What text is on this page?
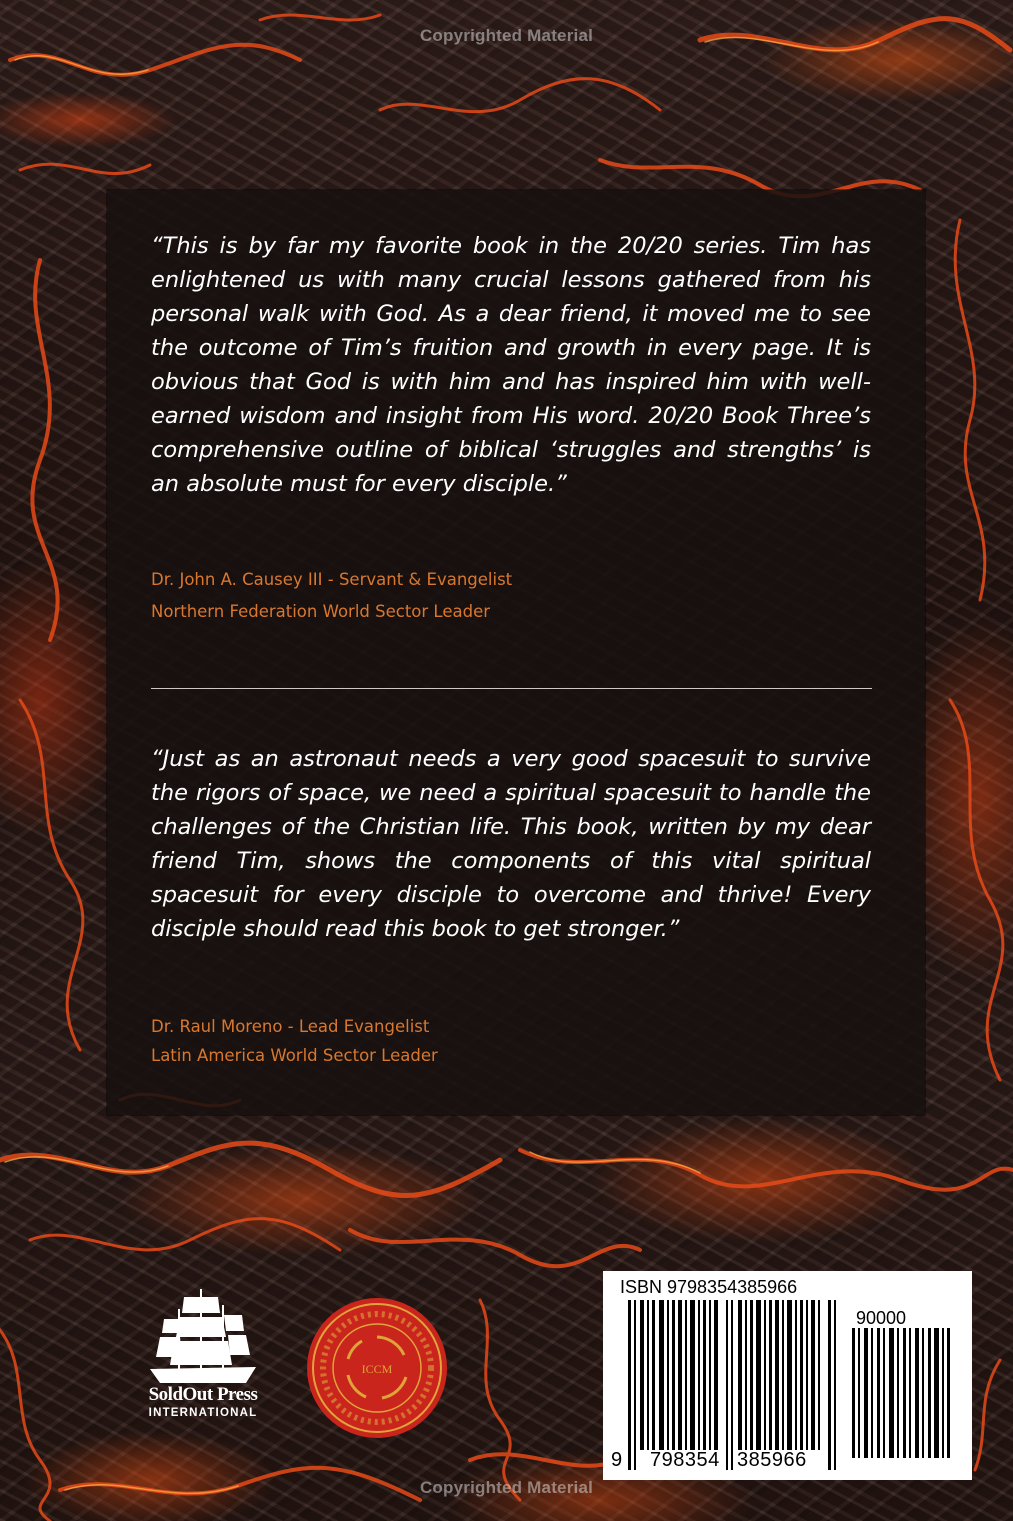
Copyrighted Material

“This is by far my favorite book in the 20/20 series. Tim has enlightened us with many crucial lessons gathered from his personal walk with God. As a dear friend, it moved me to see the outcome of Tim’s fruition and growth in every page. It is obvious that God is with him and has inspired him with well-earned wisdom and insight from His word. 20/20 Book Three’s comprehensive outline of biblical ‘struggles and strengths’ is an absolute must for every disciple.”

Dr. John A. Causey III - Servant & Evangelist
Northern Federation World Sector Leader

“Just as an astronaut needs a very good spacesuit to survive the rigors of space, we need a spiritual spacesuit to handle the challenges of the Christian life. This book, written by my dear friend Tim, shows the components of this vital spiritual spacesuit for every disciple to overcome and thrive! Every disciple should read this book to get stronger.”

Dr. Raul Moreno - Lead Evangelist
Latin America World Sector Leader
SoldOut Press
INTERNATIONAL
ICCM
ISBN 9798354385966
90000
9 798354 385966
Copyrighted Material
